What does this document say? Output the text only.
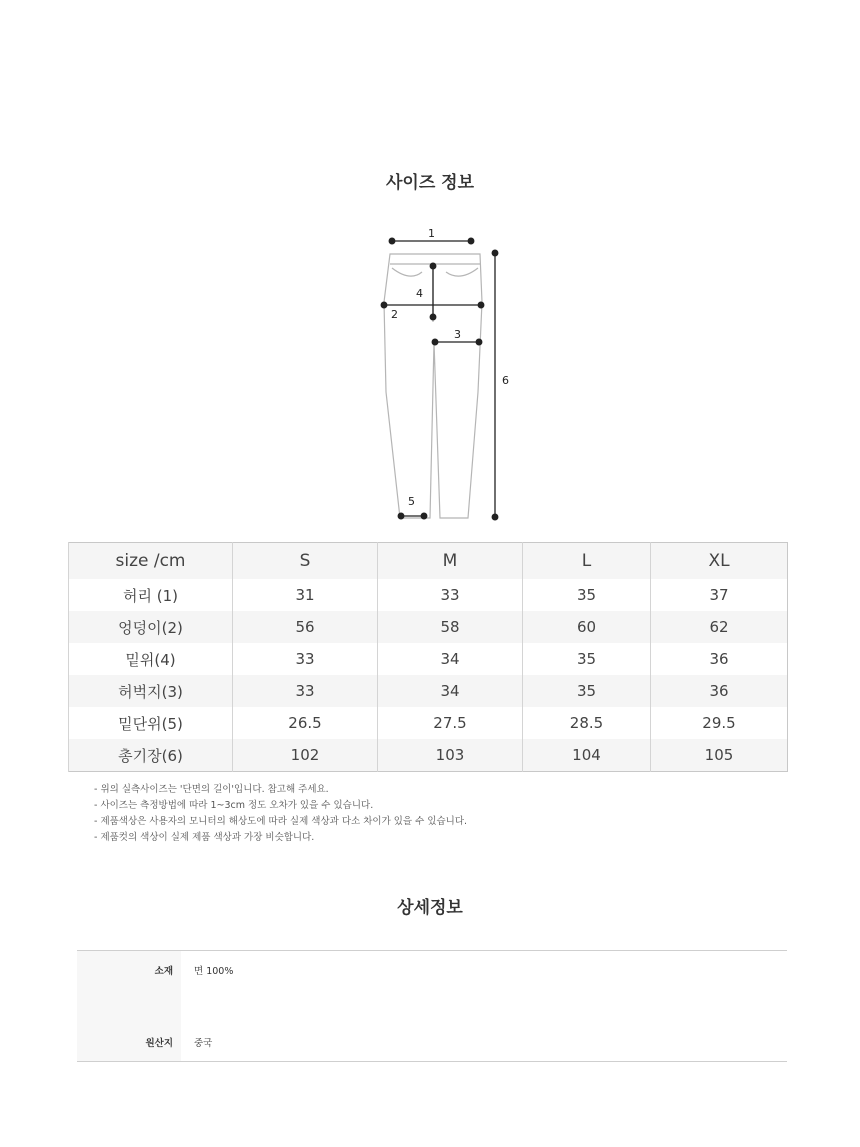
사이즈 정보
1
2
3
4
5
6
size /cm	S	M	L	XL
허리 (1)	31	33	35	37
엉덩이(2)	56	58	60	62
밑위(4)	33	34	35	36
허벅지(3)	33	34	35	36
밑단위(5)	26.5	27.5	28.5	29.5
총기장(6)	102	103	104	105
- 위의 실측사이즈는 '단면의 길이'입니다. 참고해 주세요.
- 사이즈는 측정방법에 따라 1~3cm 정도 오차가 있을 수 있습니다.
- 제품색상은 사용자의 모니터의 해상도에 따라 실제 색상과 다소 차이가 있을 수 있습니다.
- 제품컷의 색상이 실제 제품 색상과 가장 비슷합니다.
상세정보
소재 면 100%
원산지 중국
